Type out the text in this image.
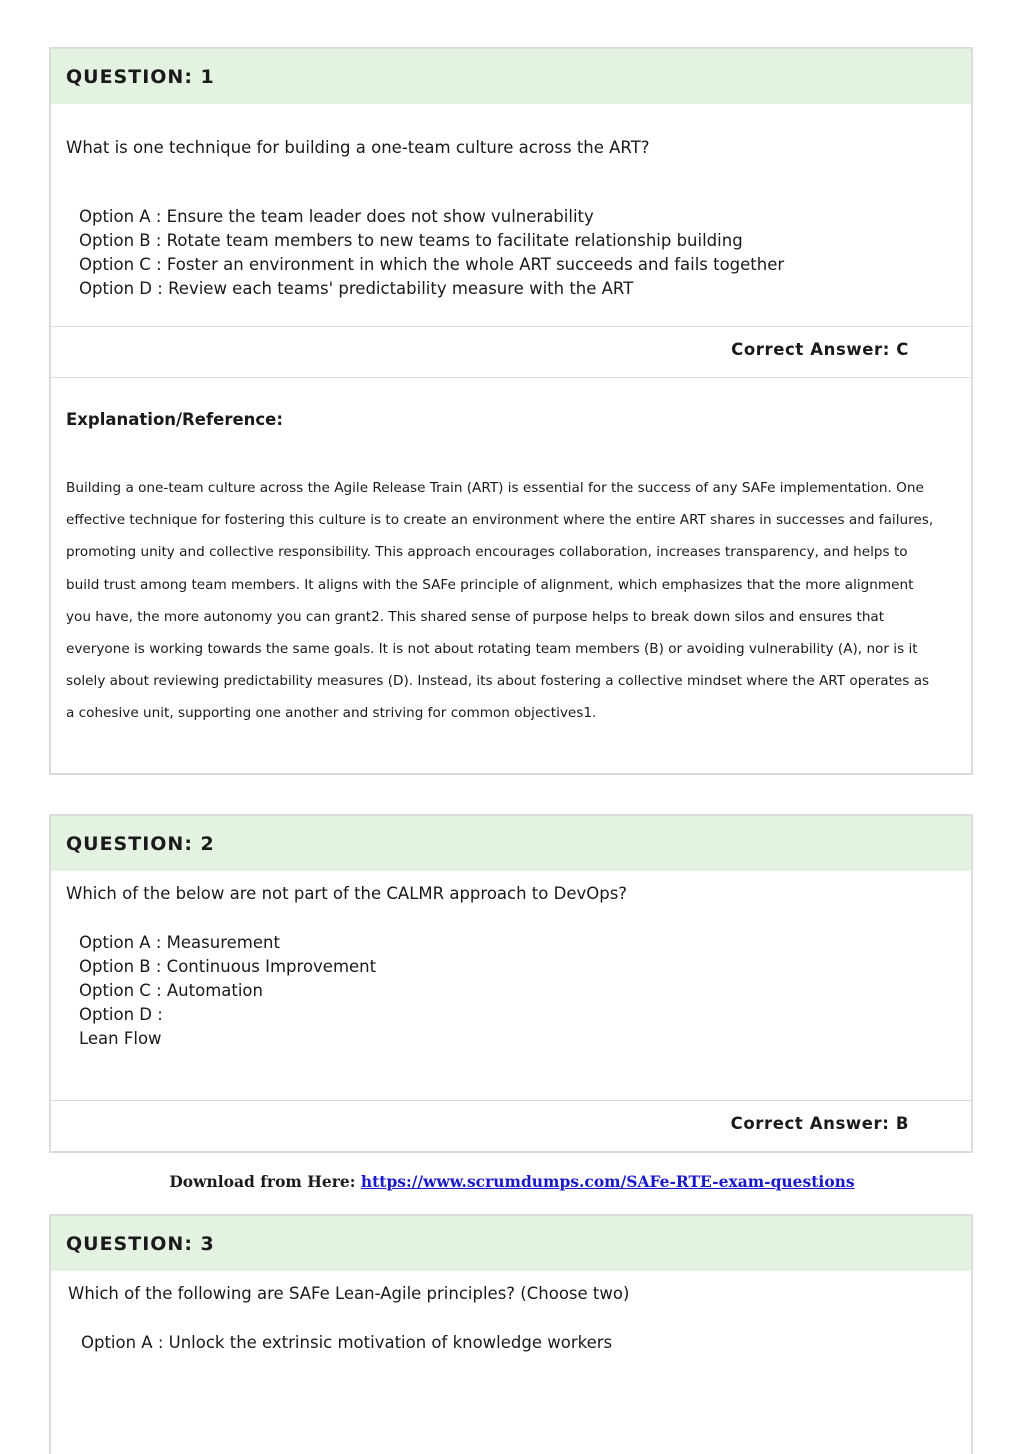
QUESTION: 1
What is one technique for building a one-team culture across the ART?
Option A : Ensure the team leader does not show vulnerability
Option B : Rotate team members to new teams to facilitate relationship building
Option C : Foster an environment in which the whole ART succeeds and fails together
Option D : Review each teams' predictability measure with the ART
Correct Answer: C
Explanation/Reference:
Building a one-team culture across the Agile Release Train (ART) is essential for the success of any SAFe implementation. One
effective technique for fostering this culture is to create an environment where the entire ART shares in successes and failures,
promoting unity and collective responsibility. This approach encourages collaboration, increases transparency, and helps to
build trust among team members. It aligns with the SAFe principle of alignment, which emphasizes that the more alignment
you have, the more autonomy you can grant2. This shared sense of purpose helps to break down silos and ensures that
everyone is working towards the same goals. It is not about rotating team members (B) or avoiding vulnerability (A), nor is it
solely about reviewing predictability measures (D). Instead, its about fostering a collective mindset where the ART operates as
a cohesive unit, supporting one another and striving for common objectives1.
QUESTION: 2
Which of the below are not part of the CALMR approach to DevOps?
Option A : Measurement
Option B : Continuous Improvement
Option C : Automation
Option D :
Lean Flow
Correct Answer: B
Download from Here: https://www.scrumdumps.com/SAFe-RTE-exam-questions
QUESTION: 3
Which of the following are SAFe Lean-Agile principles? (Choose two)
Option A : Unlock the extrinsic motivation of knowledge workers
